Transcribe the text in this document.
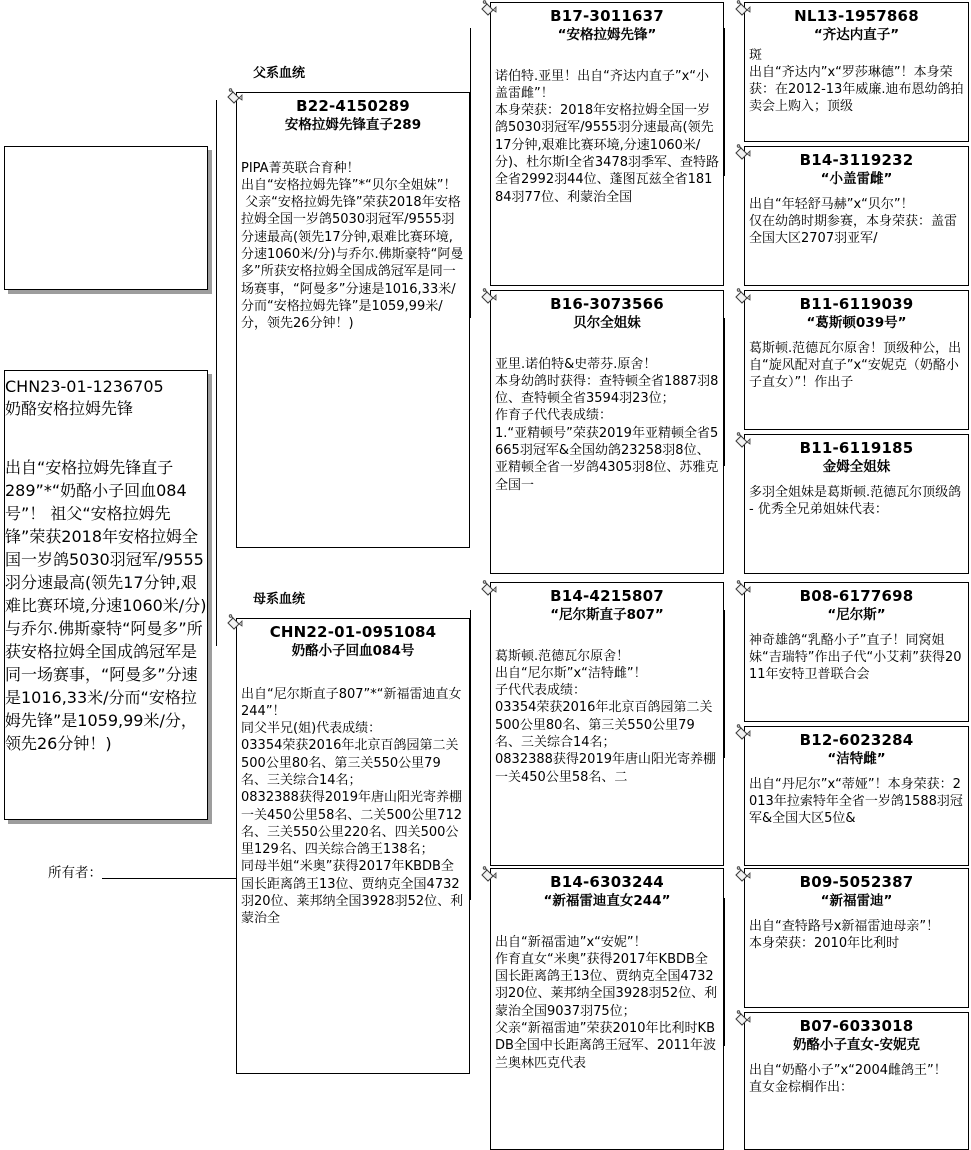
CHN23-01-1236705
奶酪安格拉姆先锋
出自“安格拉姆先锋直子289”*“奶酪小子回血084号”！ 祖父“安格拉姆先锋”荣获2018年安格拉姆全国一岁鸽5030羽冠军/9555羽分速最高(领先17分钟,艰难比赛环境,分速1060米/分)与乔尔.佛斯豪特“阿曼多”所获安格拉姆全国成鸽冠军是同一场赛事，“阿曼多”分速是1016,33米/分而“安格拉姆先锋”是1059,99米/分，领先26分钟！)
父系血统
母系血统
所有者：
B22-4150289
安格拉姆先锋直子289
PIPA菁英联合育种！
出自“安格拉姆先锋”*“贝尔全姐妹”！
父亲“安格拉姆先锋”荣获2018年安格拉姆全国一岁鸽5030羽冠军/9555羽分速最高(领先17分钟,艰难比赛环境,分速1060米/分)与乔尔.佛斯豪特“阿曼多”所获安格拉姆全国成鸽冠军是同一场赛事，“阿曼多”分速是1016,33米/分而“安格拉姆先锋”是1059,99米/分，领先26分钟！)
CHN22-01-0951084
奶酪小子回血084号
出自“尼尔斯直子807”*“新福雷迪直女244”！
同父半兄(姐)代表成绩：
03354荣获2016年北京百鸽园第二关500公里80名、第三关550公里79名、三关综合14名；
0832388获得2019年唐山阳光寄养棚一关450公里58名、二关500公里712名、三关550公里220名、四关500公里129名、四关综合鸽王138名；
同母半姐“米奥”获得2017年KBDB全国长距离鸽王13位、贾纳克全国4732羽20位、莱邦纳全国3928羽52位、利蒙治全
B17-3011637
“安格拉姆先锋”
诺伯特.亚里！出自“齐达内直子”x“小盖雷雌”！
本身荣获：2018年安格拉姆全国一岁鸽5030羽冠军/9555羽分速最高(领先17分钟,艰难比赛环境,分速1060米/分)、杜尔斯I全省3478羽季军、查特路全省2992羽44位、蓬图瓦兹全省18184羽77位、利蒙治全国
B16-3073566
贝尔全姐妹
亚里.诺伯特&史蒂芬.原舍！
本身幼鸽时获得：查特顿全省1887羽8位、查特顿全省3594羽23位；
作育子代代表成绩：
1.“亚精顿号”荣获2019年亚精顿全省5665羽冠军&全国幼鸽23258羽8位、亚精顿全省一岁鸽4305羽8位、苏雅克全国一
B14-4215807
“尼尔斯直子807”
葛斯顿.范德瓦尔原舍！
出自“尼尔斯”x“洁特雌”！
子代代表成绩：
03354荣获2016年北京百鸽园第二关500公里80名、第三关550公里79名、三关综合14名；
0832388获得2019年唐山阳光寄养棚一关450公里58名、二
B14-6303244
“新福雷迪直女244”
出自“新福雷迪”x“安妮”！
作育直女“米奥”获得2017年KBDB全国长距离鸽王13位、贾纳克全国4732羽20位、莱邦纳全国3928羽52位、利蒙治全国9037羽75位；
父亲“新福雷迪”荣获2010年比利时KBDB全国中长距离鸽王冠军、2011年波兰奥林匹克代表
NL13-1957868
“齐达内直子”
斑
出自“齐达内”x“罗莎琳德”！本身荣获：在2012-13年威廉.迪布恩幼鸽拍卖会上购入；顶级
B14-3119232
“小盖雷雌”
出自“年轻舒马赫”x“贝尔”！
仅在幼鸽时期参赛，本身荣获：盖雷全国大区2707羽亚军/
B11-6119039
“葛斯顿039号”
葛斯顿.范德瓦尔原舍！顶级种公，出自“旋风配对直子”x“安妮克（奶酪小子直女）”！作出子
B11-6119185
金姆全姐妹
多羽全姐妹是葛斯顿.范德瓦尔顶级鸽
- 优秀全兄弟姐妹代表：
B08-6177698
“尼尔斯”
神奇雄鸽“乳酪小子”直子！同窝姐妹“吉瑞特”作出子代“小艾莉”获得2011年安特卫普联合会
B12-6023284
“洁特雌”
出自“丹尼尔”x“蒂娅”！本身荣获：2013年拉索特年全省一岁鸽1588羽冠军&全国大区5位&
B09-5052387
“新福雷迪”
出自“查特路号x新福雷迪母亲”！
本身荣获：2010年比利时
B07-6033018
奶酪小子直女-安妮克
出自“奶酪小子”x“2004雌鸽王”！
直女金棕榈作出：
